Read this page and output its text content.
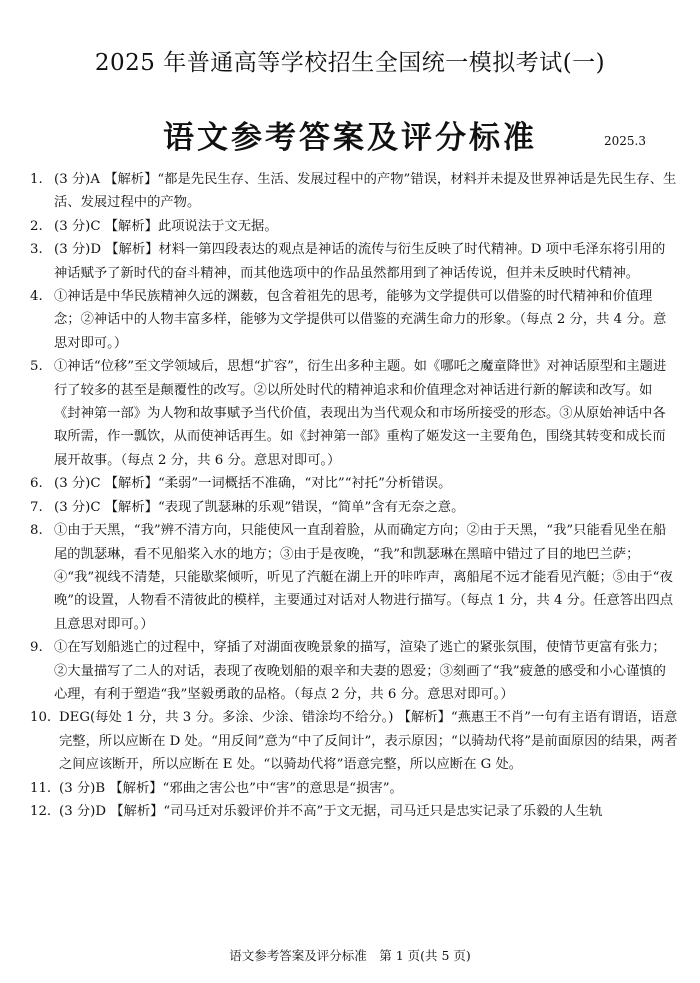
2025 年普通高等学校招生全国统一模拟考试(一)
语文参考答案及评分标准	2025.3
1. (3 分)A 【解析】“都是先民生存、生活、发展过程中的产物”错误，材料并未提及世界神话是先民生存、生活、发展过程中的产物。
2. (3 分)C 【解析】此项说法于文无据。
3. (3 分)D 【解析】材料一第四段表达的观点是神话的流传与衍生反映了时代精神。D 项中毛泽东将引用的神话赋予了新时代的奋斗精神，而其他选项中的作品虽然都用到了神话传说，但并未反映时代精神。
4. ①神话是中华民族精神久远的渊薮，包含着祖先的思考，能够为文学提供可以借鉴的时代精神和价值理念；②神话中的人物丰富多样，能够为文学提供可以借鉴的充满生命力的形象。（每点 2 分，共 4 分。意思对即可。）
5. ①神话“位移”至文学领域后，思想“扩容”，衍生出多种主题。如《哪吒之魔童降世》对神话原型和主题进行了较多的甚至是颠覆性的改写。②以所处时代的精神追求和价值理念对神话进行新的解读和改写。如《封神第一部》为人物和故事赋予当代价值，表现出为当代观众和市场所接受的形态。③从原始神话中各取所需，作一瓢饮，从而使神话再生。如《封神第一部》重构了姬发这一主要角色，围绕其转变和成长而展开故事。（每点 2 分，共 6 分。意思对即可。）
6. (3 分)C 【解析】“柔弱”一词概括不准确，“对比”“衬托”分析错误。
7. (3 分)C 【解析】“表现了凯瑟琳的乐观”错误，“简单”含有无奈之意。
8. ①由于天黑，“我”辨不清方向，只能使风一直刮着脸，从而确定方向；②由于天黑，“我”只能看见坐在船尾的凯瑟琳，看不见船桨入水的地方；③由于是夜晚，“我”和凯瑟琳在黑暗中错过了目的地巴兰萨；④“我”视线不清楚，只能歇桨倾听，听见了汽艇在湖上开的咔咋声，离船尾不远才能看见汽艇；⑤由于“夜晚”的设置，人物看不清彼此的模样，主要通过对话对人物进行描写。（每点 1 分，共 4 分。任意答出四点且意思对即可。）
9. ①在写划船逃亡的过程中，穿插了对湖面夜晚景象的描写，渲染了逃亡的紧张氛围，使情节更富有张力；②大量描写了二人的对话，表现了夜晚划船的艰辛和夫妻的恩爱；③刻画了“我”疲惫的感受和小心谨慎的心理，有利于塑造“我”坚毅勇敢的品格。（每点 2 分，共 6 分。意思对即可。）
10. DEG(每处 1 分，共 3 分。多涂、少涂、错涂均不给分。) 【解析】“燕惠王不肖”一句有主语有谓语，语意完整，所以应断在 D 处。“用反间”意为“中了反间计”，表示原因；“以骑劫代将”是前面原因的结果，两者之间应该断开，所以应断在 E 处。“以骑劫代将”语意完整，所以应断在 G 处。
11. (3 分)B 【解析】“邪曲之害公也”中“害”的意思是“损害”。
12. (3 分)D 【解析】“司马迁对乐毅评价并不高”于文无据，司马迁只是忠实记录了乐毅的人生轨
语文参考答案及评分标准　第 1 页(共 5 页)
